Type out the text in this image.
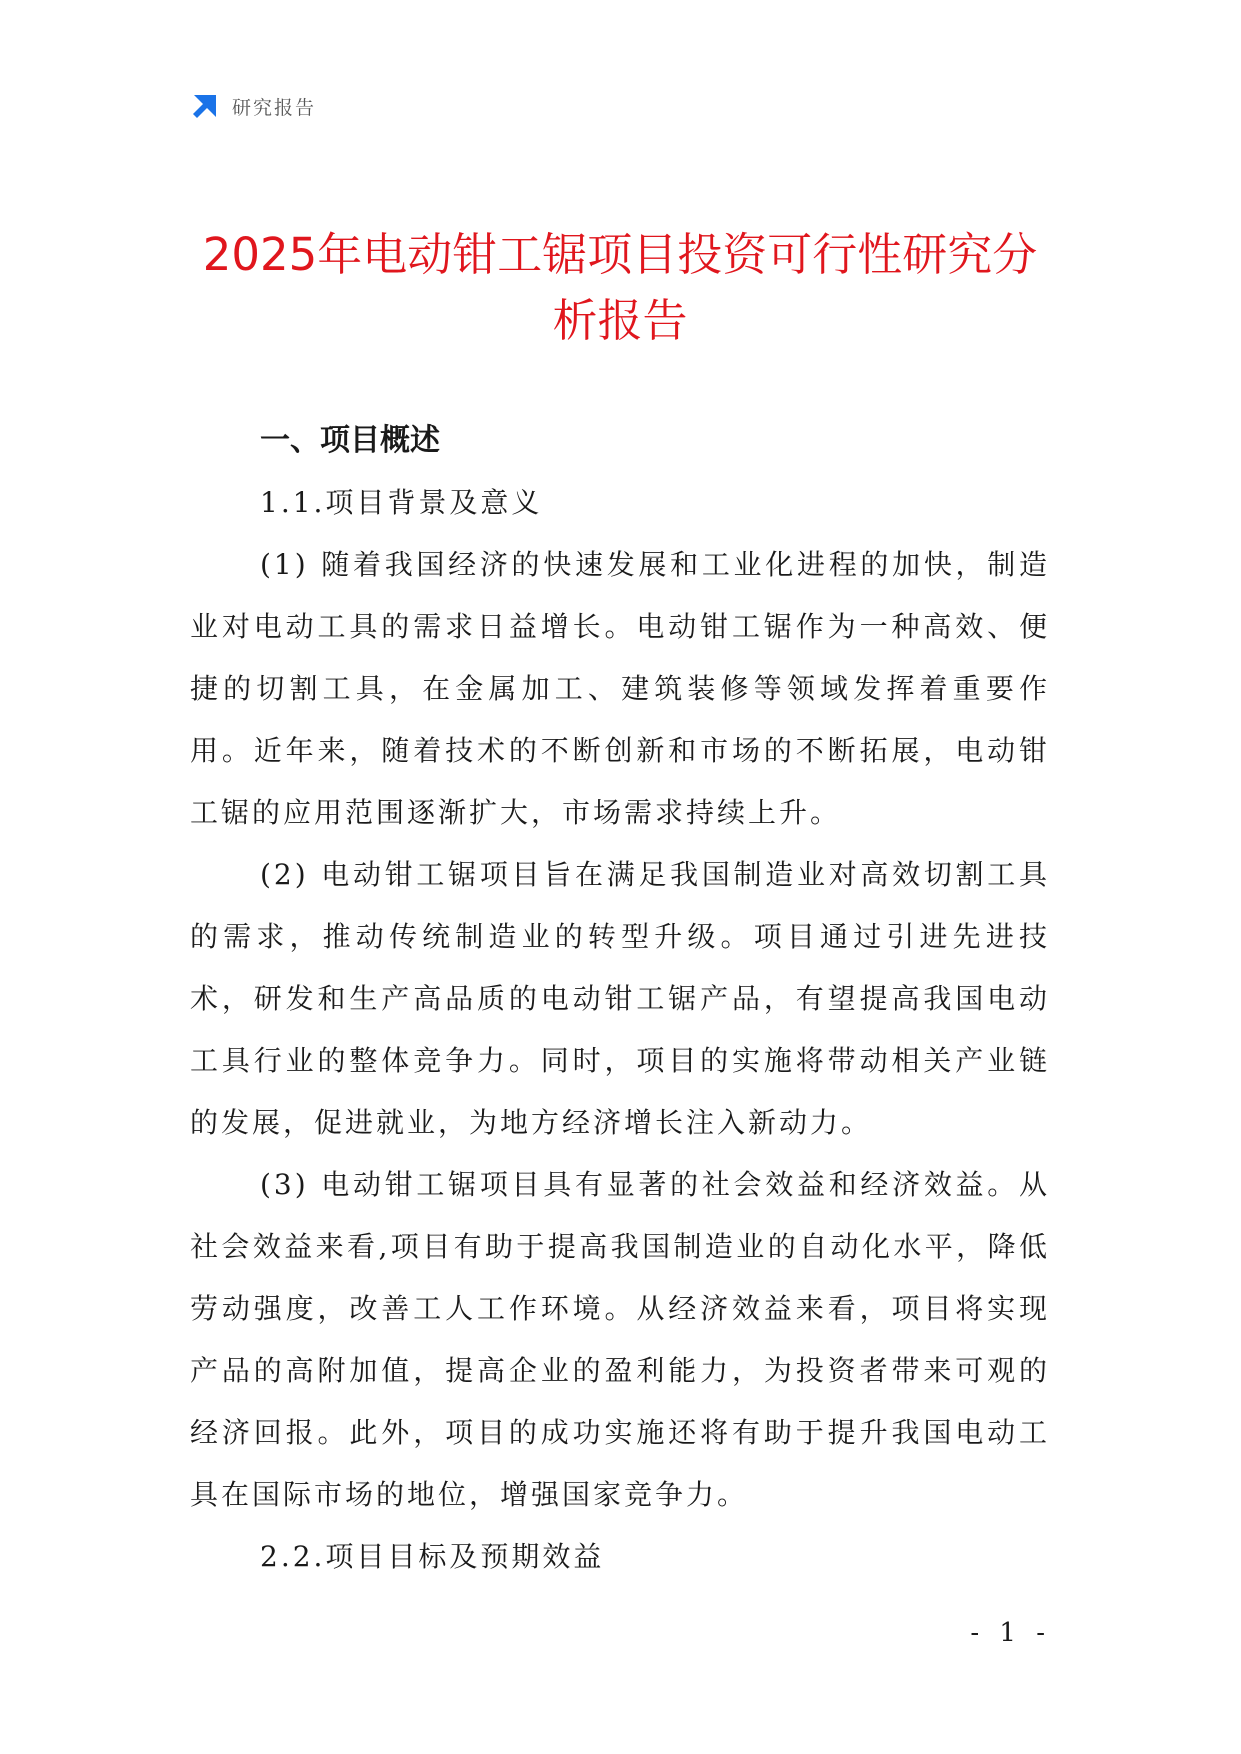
研究报告
2025年电动钳工锯项目投资可行性研究分析报告
一、项目概述
1.1.项目背景及意义

(1) 随着我国经济的快速发展和工业化进程的加快，制造业对电动工具的需求日益增长。电动钳工锯作为一种高效、便捷的切割工具，在金属加工、建筑装修等领域发挥着重要作用。近年来，随着技术的不断创新和市场的不断拓展，电动钳工锯的应用范围逐渐扩大，市场需求持续上升。

(2) 电动钳工锯项目旨在满足我国制造业对高效切割工具的需求，推动传统制造业的转型升级。项目通过引进先进技术，研发和生产高品质的电动钳工锯产品，有望提高我国电动工具行业的整体竞争力。同时，项目的实施将带动相关产业链的发展，促进就业，为地方经济增长注入新动力。

(3) 电动钳工锯项目具有显著的社会效益和经济效益。从社会效益来看,项目有助于提高我国制造业的自动化水平，降低劳动强度，改善工人工作环境。从经济效益来看，项目将实现产品的高附加值，提高企业的盈利能力，为投资者带来可观的经济回报。此外，项目的成功实施还将有助于提升我国电动工具在国际市场的地位，增强国家竞争力。

2.2.项目目标及预期效益
- 1 -
